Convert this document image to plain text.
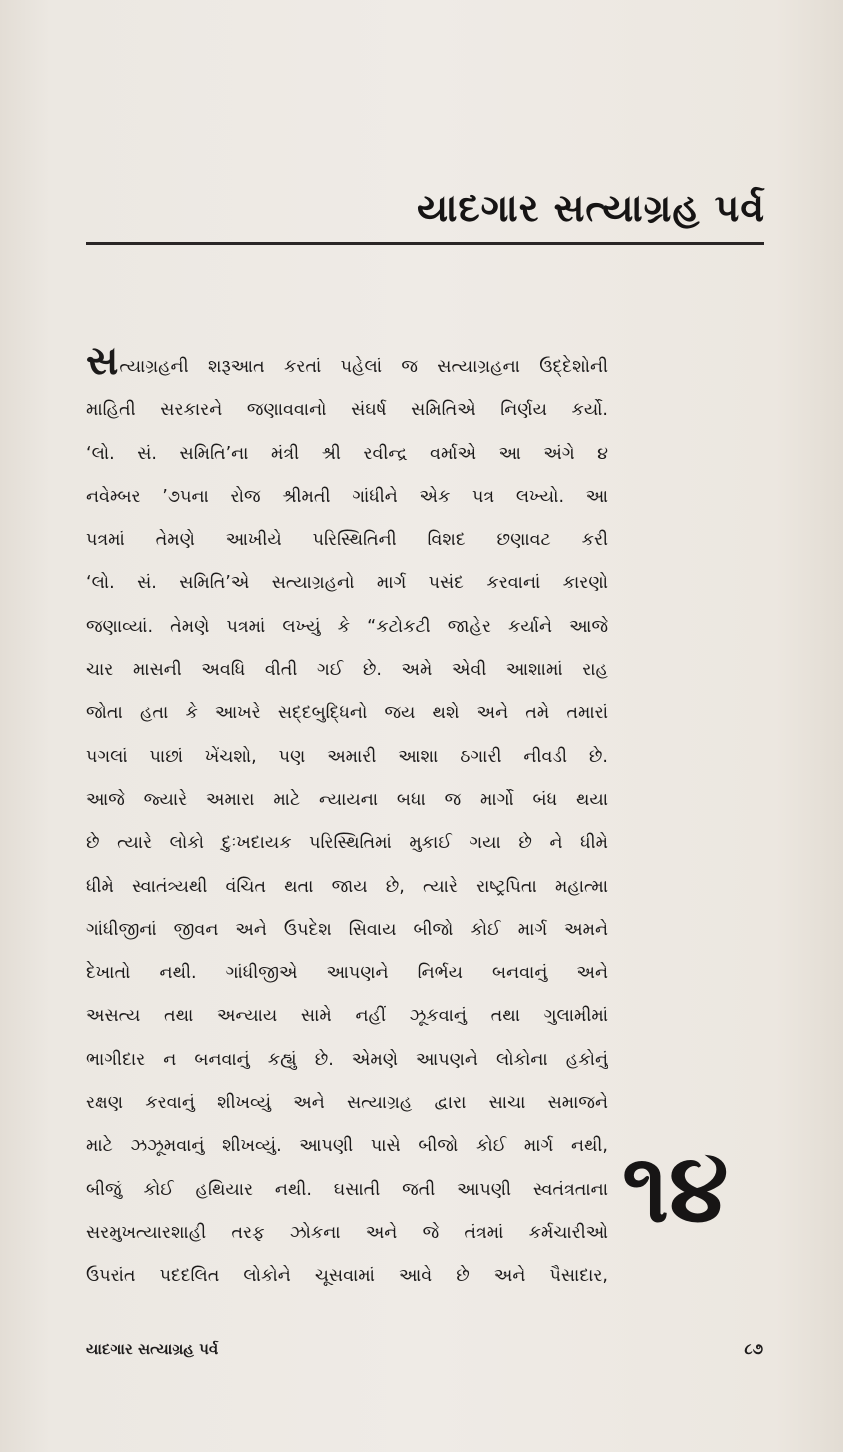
યાદગાર સત્યાગ્રહ પર્વ
સત્યાગ્રહની શરૂઆત કરતાં પહેલાં જ સત્યાગ્રહના ઉદ્દેશોની
માહિતી સરકારને જણાવવાનો સંઘર્ષ સમિતિએ નિર્ણય કર્યો.
‘લો. સં. સમિતિ’ના મંત્રી શ્રી રવીન્દ્ર વર્માએ આ અંગે ૪
નવેમ્બર ’૭૫ના રોજ શ્રીમતી ગાંધીને એક પત્ર લખ્યો. આ
પત્રમાં તેમણે આખીયે પરિસ્થિતિની વિશદ છણાવટ કરી
‘લો. સં. સમિતિ’એ સત્યાગ્રહનો માર્ગ પસંદ કરવાનાં કારણો
જણાવ્યાં. તેમણે પત્રમાં લખ્યું કે “કટોકટી જાહેર કર્યાને આજે
ચાર માસની અવધિ વીતી ગઈ છે. અમે એવી આશામાં રાહ
જોતા હતા કે આખરે સદ્દબુદ્ધિનો જય થશે અને તમે તમારાં
પગલાં પાછાં ખેંચશો, પણ અમારી આશા ઠગારી નીવડી છે.
આજે જ્યારે અમારા માટે ન્યાયના બધા જ માર્ગો બંધ થયા
છે ત્યારે લોકો દુઃખદાયક પરિસ્થિતિમાં મુકાઈ ગયા છે ને ધીમે
ધીમે સ્વાતંત્ર્યથી વંચિત થતા જાય છે, ત્યારે રાષ્ટ્રપિતા મહાત્મા
ગાંધીજીનાં જીવન અને ઉપદેશ સિવાય બીજો કોઈ માર્ગ અમને
દેખાતો નથી. ગાંધીજીએ આપણને નિર્ભય બનવાનું અને
અસત્ય તથા અન્યાય સામે નહીં ઝૂકવાનું તથા ગુલામીમાં
ભાગીદાર ન બનવાનું કહ્યું છે. એમણે આપણને લોકોના હકોનું
રક્ષણ કરવાનું શીખવ્યું અને સત્યાગ્રહ દ્વારા સાચા સમાજને
માટે ઝઝૂમવાનું શીખવ્યું. આપણી પાસે બીજો કોઈ માર્ગ નથી,
બીજું કોઈ હથિયાર નથી. ઘસાતી જતી આપણી સ્વતંત્રતાના
સરમુખત્યારશાહી તરફ ઝોકના અને જે તંત્રમાં કર્મચારીઓ
ઉપરાંત પદદલિત લોકોને ચૂસવામાં આવે છે અને પૈસાદાર,
૧૪
યાદગાર સત્યાગ્રહ પર્વ	૮૭
